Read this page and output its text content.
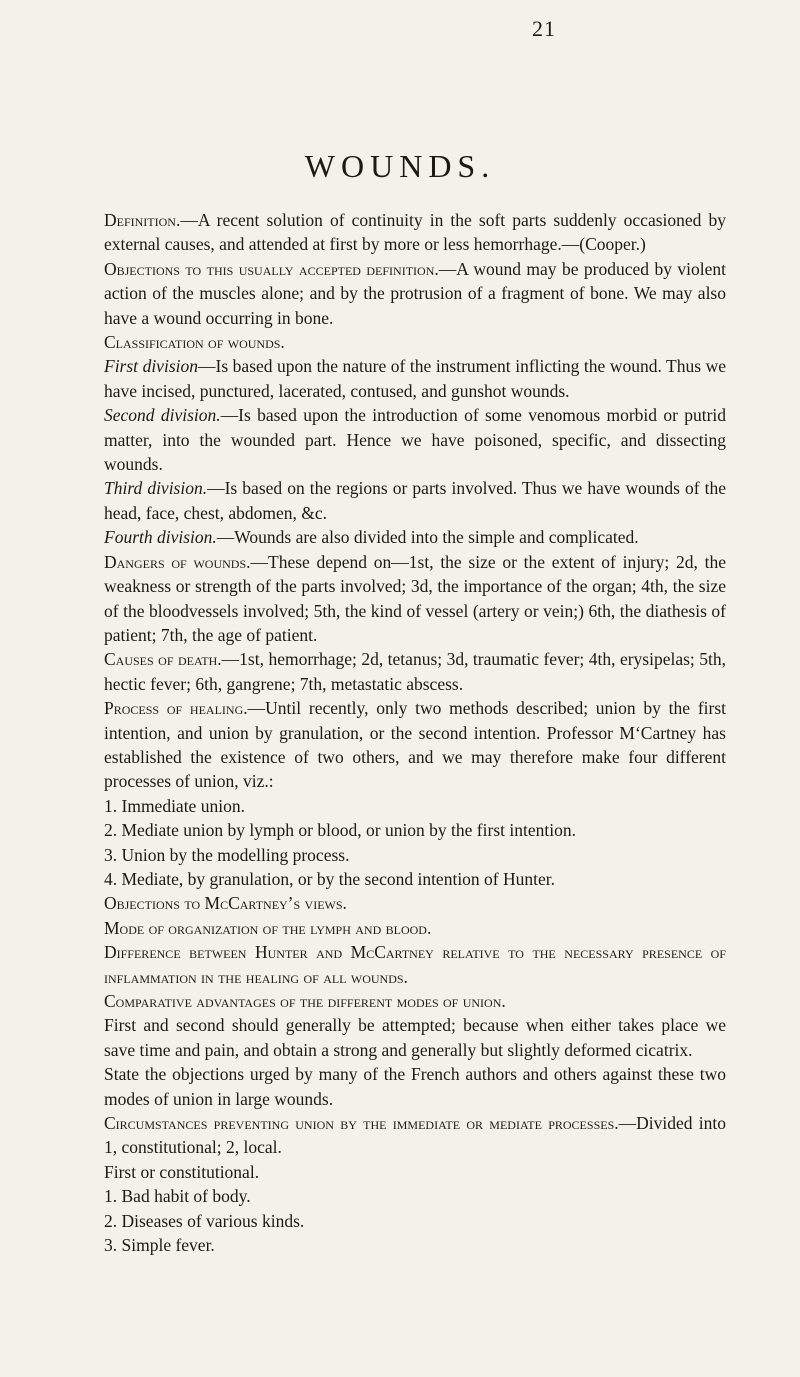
21
WOUNDS.

Definition.—A recent solution of continuity in the soft parts suddenly occasioned by external causes, and attended at first by more or less hemorrhage.—(Cooper.)

Objections to this usually accepted definition.—A wound may be produced by violent action of the muscles alone; and by the protrusion of a fragment of bone. We may also have a wound occurring in bone.

Classification of wounds.

First division—Is based upon the nature of the instrument inflicting the wound. Thus we have incised, punctured, lacerated, contused, and gunshot wounds.

Second division.—Is based upon the introduction of some venomous morbid or putrid matter, into the wounded part. Hence we have poisoned, specific, and dissecting wounds.

Third division.—Is based on the regions or parts involved. Thus we have wounds of the head, face, chest, abdomen, &c.

Fourth division.—Wounds are also divided into the simple and complicated.

Dangers of wounds.—These depend on—1st, the size or the extent of injury; 2d, the weakness or strength of the parts involved; 3d, the importance of the organ; 4th, the size of the bloodvessels involved; 5th, the kind of vessel (artery or vein;) 6th, the diathesis of patient; 7th, the age of patient.

Causes of death.—1st, hemorrhage; 2d, tetanus; 3d, traumatic fever; 4th, erysipelas; 5th, hectic fever; 6th, gangrene; 7th, metastatic abscess.

Process of healing.—Until recently, only two methods described; union by the first intention, and union by granulation, or the second intention. Professor M‘Cartney has established the existence of two others, and we may therefore make four different processes of union, viz.:

1. Immediate union.

2. Mediate union by lymph or blood, or union by the first intention.

3. Union by the modelling process.

4. Mediate, by granulation, or by the second intention of Hunter.

Objections to McCartney’s views.

Mode of organization of the lymph and blood.

Difference between Hunter and McCartney relative to the necessary presence of inflammation in the healing of all wounds.

Comparative advantages of the different modes of union.

First and second should generally be attempted; because when either takes place we save time and pain, and obtain a strong and generally but slightly deformed cicatrix.

State the objections urged by many of the French authors and others against these two modes of union in large wounds.

Circumstances preventing union by the immediate or mediate processes.—Divided into 1, constitutional; 2, local.

First or constitutional.

1. Bad habit of body.

2. Diseases of various kinds.

3. Simple fever.
